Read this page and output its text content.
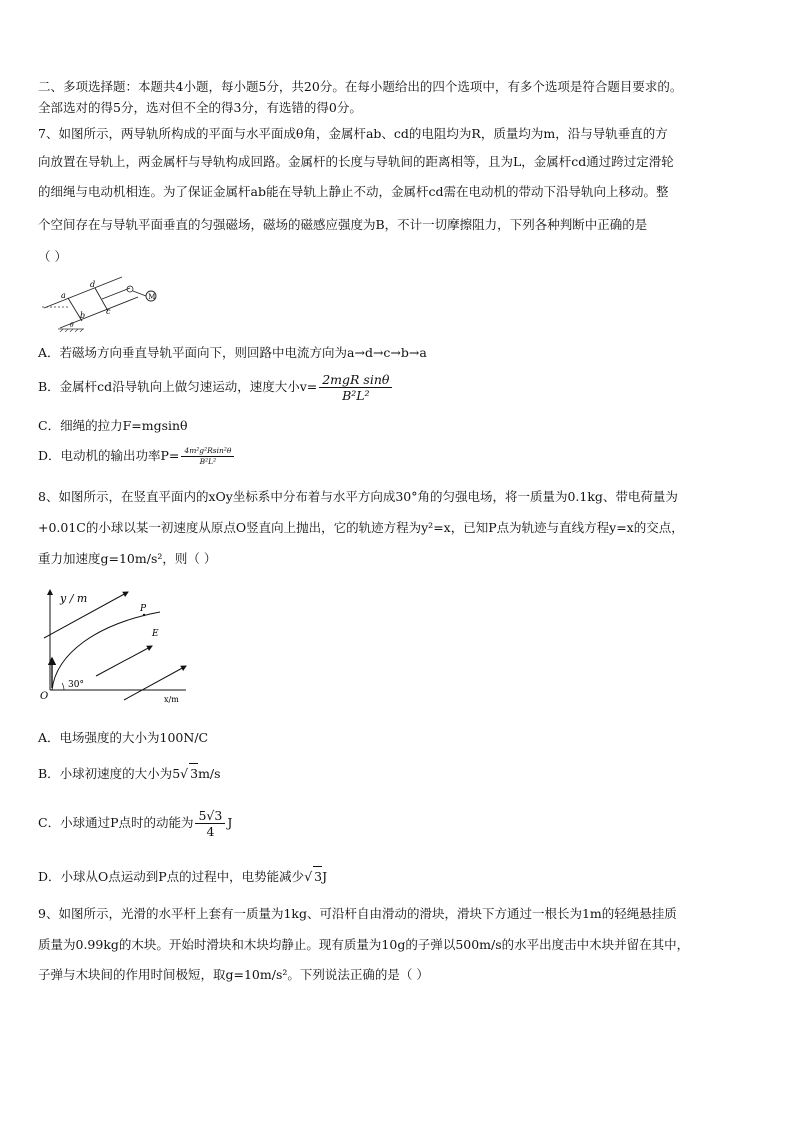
二、多项选择题：本题共4小题，每小题5分，共20分。在每小题给出的四个选项中，有多个选项是符合题目要求的。
全部选对的得5分，选对但不全的得3分，有选错的得0分。
7、如图所示，两导轨所构成的平面与水平面成θ角，金属杆ab、cd的电阻均为R，质量均为m，沿与导轨垂直的方
向放置在导轨上，两金属杆与导轨构成回路。金属杆的长度与导轨间的距离相等，且为L，金属杆cd通过跨过定滑轮
的细绳与电动机相连。为了保证金属杆ab能在导轨上静止不动，金属杆cd需在电动机的带动下沿导轨向上移动。整
个空间存在与导轨平面垂直的匀强磁场，磁场的磁感应强度为B，不计一切摩擦阻力，下列各种判断中正确的是
（ ）
M
a
d
b	c
θ
A．若磁场方向垂直导轨平面向下，则回路中电流方向为a→d→c→b→a
B．金属杆cd沿导轨向上做匀速运动，速度大小$v= \frac{\text{2mgR sinθ}}{\text{B²L²}}$
C．细绳的拉力F=mgsinθ
D．电动机的输出功率$P= \frac{\text{4m²g²Rsin²θ}}{\text{B²L²}}$
8、如图所示，在竖直平面内的xOy坐标系中分布着与水平方向成30°角的匀强电场，将一质量为0.1kg、带电荷量为
+0.01C的小球以某一初速度从原点O竖直向上抛出，它的轨迹方程为y²=x，已知P点为轨迹与直线方程y=x的交点，
重力加速度g=10m/s²，则（ ）
y / m
x/m
O
P
E
30°
A．电场强度的大小为100N/C
B．小球初速度的大小为5√ 3m/s
C．小球通过P点时的动能为 $\frac{5√3}{4}$ J
D．小球从O点运动到P点的过程中，电势能减少√ 3J
9、如图所示，光滑的水平杆上套有一质量为1kg、可沿杆自由滑动的滑块，滑块下方通过一根长为1m的轻绳悬挂质
质量为0.99kg的木块。开始时滑块和木块均静止。现有质量为10g的子弹以500m/s的水平出度击中木块并留在其中，
子弹与木块间的作用时间极短，取g=10m/s²。下列说法正确的是（ ）
